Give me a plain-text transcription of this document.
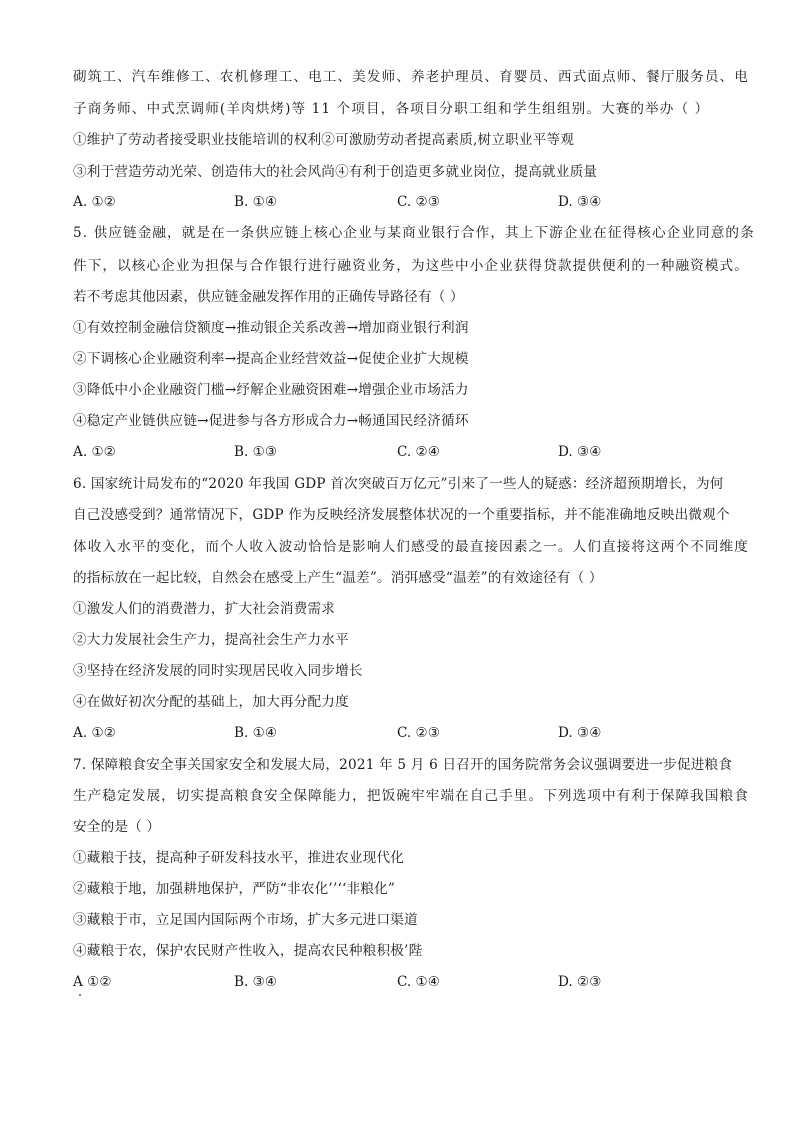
砌筑工、汽车维修工、农机修理工、电工、美发师、养老护理员、育婴员、西式面点师、餐厅服务员、电
子商务师、中式烹调师(羊肉烘烤)等 11 个项目，各项目分职工组和学生组组别。大赛的举办（ ）
①维护了劳动者接受职业技能培训的权利②可激励劳动者提高素质,树立职业平等观
③利于营造劳动光荣、创造伟大的社会风尚④有利于创造更多就业岗位，提高就业质量
A. ①②	B. ①④	C. ②③	D. ③④
5. 供应链金融，就是在一条供应链上核心企业与某商业银行合作，其上下游企业在征得核心企业同意的条
件下，以核心企业为担保与合作银行进行融资业务，为这些中小企业获得贷款提供便利的一种融资模式。
若不考虑其他因素，供应链金融发挥作用的正确传导路径有（ ）
①有效控制金融信贷额度→推动银企关系改善→增加商业银行利润
②下调核心企业融资利率→提高企业经营效益→促使企业扩大规模
③降低中小企业融资门槛→纾解企业融资困难→增强企业市场活力
④稳定产业链供应链→促进参与各方形成合力→畅通国民经济循环
A. ①②	B. ①③	C. ②④	D. ③④
6. 国家统计局发布的“2020 年我国 GDP 首次突破百万亿元”引来了一些人的疑惑：经济超预期增长，为何
自己没感受到？通常情况下，GDP 作为反映经济发展整体状况的一个重要指标，并不能准确地反映出微观个
体收入水平的变化，而个人收入波动恰恰是影响人们感受的最直接因素之一。人们直接将这两个不同维度
的指标放在一起比较，自然会在感受上产生“温差”。消弭感受“温差”的有效途径有（ ）
①激发人们的消费潜力，扩大社会消费需求
②大力发展社会生产力，提高社会生产力水平
③坚持在经济发展的同时实现居民收入同步增长
④在做好初次分配的基础上，加大再分配力度
A. ①②	B. ①④	C. ②③	D. ③④
7. 保障粮食安全事关国家安全和发展大局，2021 年 5 月 6 日召开的国务院常务会议强调要进一步促进粮食
生产稳定发展，切实提高粮食安全保障能力，把饭碗牢牢端在自己手里。下列选项中有利于保障我国粮食
安全的是（ ）
①藏粮于技，提高种子研发科技水平，推进农业现代化
②藏粮于地，加强耕地保护，严防“非农化’’‘‘非粮化”
③藏粮于市，立足国内国际两个市场，扩大多元进口渠道
④藏粮于农，保护农民财产性收入，提高农民种粮积极’陛
A ①②	B. ③④	C. ①④	D. ②③
